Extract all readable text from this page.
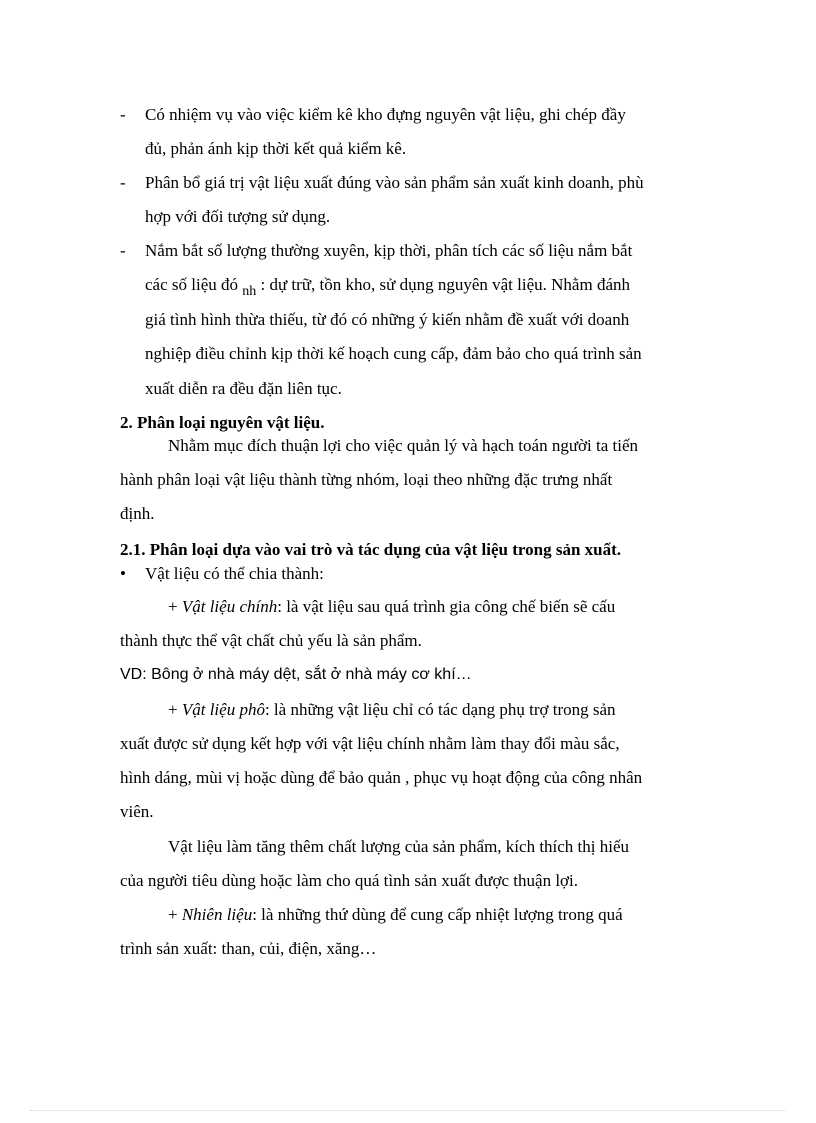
- Có nhiệm vụ vào việc kiểm kê kho đựng nguyên vật liệu, ghi chép đầy
đủ, phản ánh kịp thời kết quả kiểm kê.
- Phân bổ giá trị vật liệu xuất đúng vào sản phẩm sản xuất kinh doanh, phù
hợp với đối tượng sử dụng.
- Nắm bắt số lượng thường xuyên, kịp thời, phân tích các số liệu nắm bắt
các số liệu đó $_{nh}$ : dự trữ, tồn kho, sử dụng nguyên vật liệu. Nhằm đánh
giá tình hình thừa thiếu, từ đó có những ý kiến nhằm đề xuất với doanh
nghiệp điều chỉnh kịp thời kế hoạch cung cấp, đảm bảo cho quá trình sản
xuất diễn ra đều đặn liên tục.
2. Phân loại nguyên vật liệu.
Nhằm mục đích thuận lợi cho việc quản lý và hạch toán người ta tiến
hành phân loại vật liệu thành từng nhóm, loại theo những đặc trưng nhất
định.
2.1. Phân loại dựa vào vai trò và tác dụng của vật liệu trong sản xuất.
• Vật liệu có thể chia thành:
+ Vật liệu chính: là vật liệu sau quá trình gia công chế biến sẽ cấu
thành thực thể vật chất chủ yếu là sản phẩm.
VD: Bông ở nhà máy dệt, sắt ở nhà máy cơ khí…
+ Vật liệu phô: là những vật liệu chỉ có tác dạng phụ trợ trong sản
xuất được sử dụng kết hợp với vật liệu chính nhằm làm thay đổi màu sắc,
hình dáng, mùi vị hoặc dùng để bảo quản , phục vụ hoạt động của công nhân
viên.
Vật liệu làm tăng thêm chất lượng của sản phẩm, kích thích thị hiếu
của người tiêu dùng hoặc làm cho quá tình sản xuất được thuận lợi.
+ Nhiên liệu: là những thứ dùng để cung cấp nhiệt lượng trong quá
trình sản xuất: than, củi, điện, xăng…
